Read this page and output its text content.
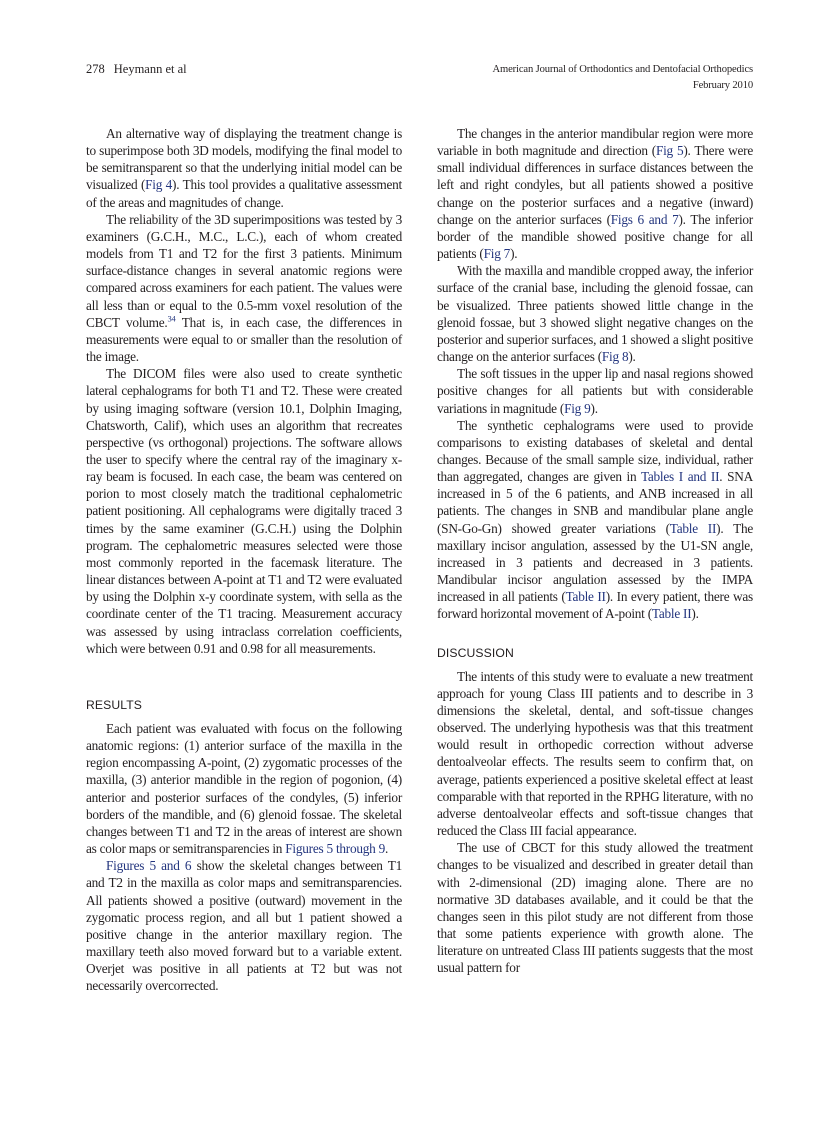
278 Heymann et al	American Journal of Orthodontics and Dentofacial Orthopedics
February 2010

An alternative way of displaying the treatment change is to superimpose both 3D models, modifying the final model to be semitransparent so that the underlying initial model can be visualized (Fig 4). This tool provides a qualitative assessment of the areas and magnitudes of change.

The reliability of the 3D superimpositions was tested by 3 examiners (G.C.H., M.C., L.C.), each of whom created models from T1 and T2 for the first 3 patients. Minimum surface-distance changes in several anatomic regions were compared across examiners for each patient. The values were all less than or equal to the 0.5-mm voxel resolution of the CBCT volume.$^{34}$ That is, in each case, the differences in measurements were equal to or smaller than the resolution of the image.

The DICOM files were also used to create synthetic lateral cephalograms for both T1 and T2. These were created by using imaging software (version 10.1, Dolphin Imaging, Chatsworth, Calif), which uses an algorithm that recreates perspective (vs orthogonal) projections. The software allows the user to specify where the central ray of the imaginary x-ray beam is focused. In each case, the beam was centered on porion to most closely match the traditional cephalometric patient positioning. All cephalograms were digitally traced 3 times by the same examiner (G.C.H.) using the Dolphin program. The cephalometric measures selected were those most commonly reported in the facemask literature. The linear distances between A-point at T1 and T2 were evaluated by using the Dolphin x-y coordinate system, with sella as the coordinate center of the T1 tracing. Measurement accuracy was assessed by using intraclass correlation coefficients, which were between 0.91 and 0.98 for all measurements.

RESULTS

Each patient was evaluated with focus on the following anatomic regions: (1) anterior surface of the maxilla in the region encompassing A-point, (2) zygomatic processes of the maxilla, (3) anterior mandible in the region of pogonion, (4) anterior and posterior surfaces of the condyles, (5) inferior borders of the mandible, and (6) glenoid fossae. The skeletal changes between T1 and T2 in the areas of interest are shown as color maps or semitransparencies in Figures 5 through 9.

Figures 5 and 6 show the skeletal changes between T1 and T2 in the maxilla as color maps and semitransparencies. All patients showed a positive (outward) movement in the zygomatic process region, and all but 1 patient showed a positive change in the anterior maxillary region. The maxillary teeth also moved forward but to a variable extent. Overjet was positive in all patients at T2 but was not necessarily overcorrected.

The changes in the anterior mandibular region were more variable in both magnitude and direction (Fig 5). There were small individual differences in surface distances between the left and right condyles, but all patients showed a positive change on the posterior surfaces and a negative (inward) change on the anterior surfaces (Figs 6 and 7). The inferior border of the mandible showed positive change for all patients (Fig 7).

With the maxilla and mandible cropped away, the inferior surface of the cranial base, including the glenoid fossae, can be visualized. Three patients showed little change in the glenoid fossae, but 3 showed slight negative changes on the posterior and superior surfaces, and 1 showed a slight positive change on the anterior surfaces (Fig 8).

The soft tissues in the upper lip and nasal regions showed positive changes for all patients but with considerable variations in magnitude (Fig 9).

The synthetic cephalograms were used to provide comparisons to existing databases of skeletal and dental changes. Because of the small sample size, individual, rather than aggregated, changes are given in Tables I and II. SNA increased in 5 of the 6 patients, and ANB increased in all patients. The changes in SNB and mandibular plane angle (SN-Go-Gn) showed greater variations (Table II). The maxillary incisor angulation, assessed by the U1-SN angle, increased in 3 patients and decreased in 3 patients. Mandibular incisor angulation assessed by the IMPA increased in all patients (Table II). In every patient, there was forward horizontal movement of A-point (Table II).

DISCUSSION

The intents of this study were to evaluate a new treatment approach for young Class III patients and to describe in 3 dimensions the skeletal, dental, and soft-tissue changes observed. The underlying hypothesis was that this treatment would result in orthopedic correction without adverse dentoalveolar effects. The results seem to confirm that, on average, patients experienced a positive skeletal effect at least comparable with that reported in the RPHG literature, with no adverse dentoalveolar effects and soft-tissue changes that reduced the Class III facial appearance.

The use of CBCT for this study allowed the treatment changes to be visualized and described in greater detail than with 2-dimensional (2D) imaging alone. There are no normative 3D databases available, and it could be that the changes seen in this pilot study are not different from those that some patients experience with growth alone. The literature on untreated Class III patients suggests that the most usual pattern for
